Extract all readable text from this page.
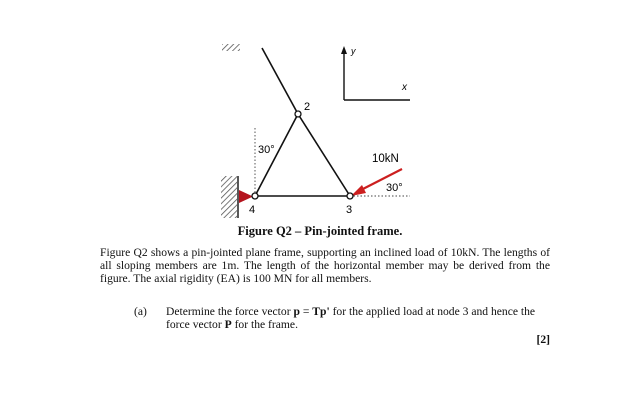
2
3
4
30°
30°
10kN
x
y
Figure Q2 – Pin-jointed frame.
Figure Q2 shows a pin-jointed plane frame, supporting an inclined load of 10kN. The lengths of all sloping members are 1m. The length of the horizontal member may be derived from the figure. The axial rigidity (EA) is 100 MN for all members.
(a) Determine the force vector p = Tp' for the applied load at node 3 and hence the force vector P for the frame.
[2]
